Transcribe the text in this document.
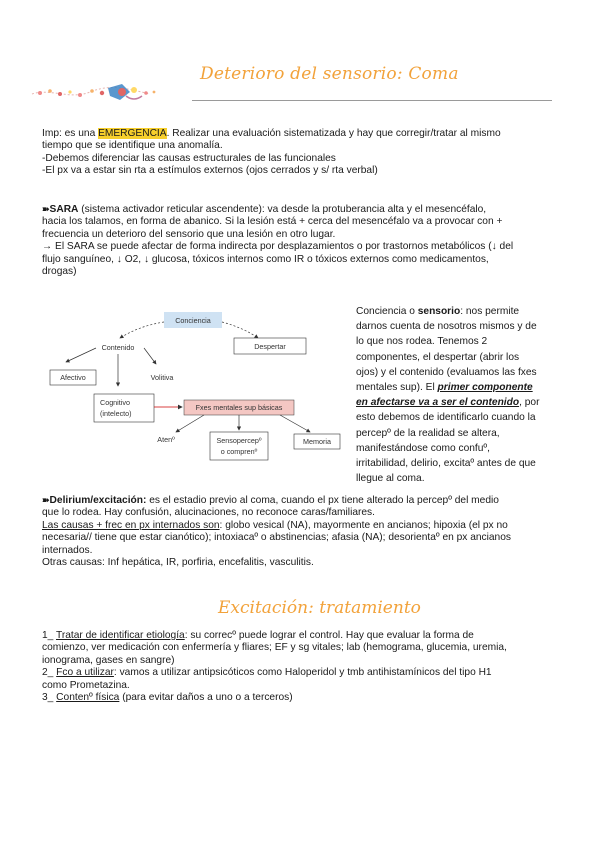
Deterioro del sensorio: Coma
Imp: es una EMERGENCIA. Realizar una evaluación sistematizada y hay que corregir/tratar al mismo
tiempo que se identifique una anomalía.
-Debemos diferenciar las causas estructurales de las funcionales
-El px va a estar sin rta a estímulos externos (ojos cerrados y s/ rta verbal)
➽SARA (sistema activador reticular ascendente): va desde la protuberancia alta y el mesencéfalo,
hacia los talamos, en forma de abanico. Si la lesión está + cerca del mesencéfalo va a provocar con +
frecuencia un deterioro del sensorio que una lesión en otro lugar.
→ El SARA se puede afectar de forma indirecta por desplazamientos o por trastornos metabólicos (↓ del
flujo sanguíneo, ↓ O2, ↓ glucosa, tóxicos internos como IR o tóxicos externos como medicamentos,
drogas)
Conciencia
Contenido	Despertar
Afectivo	Volitiva
Cognitivo
(intelecto)
Fxes mentales sup básicas
Atenº	Sensopercepº
o comprenº
Memoria
Conciencia o sensorio: nos permite
darnos cuenta de nosotros mismos y de
lo que nos rodea. Tenemos 2
componentes, el despertar (abrir los
ojos) y el contenido (evaluamos las fxes
mentales sup). El primer componente
en afectarse va a ser el contenido, por
esto debemos de identificarlo cuando la
percepº de la realidad se altera,
manifestándose como confuº,
irritabilidad, delirio, excitaº antes de que
llegue al coma.
➽Delirium/excitación: es el estadio previo al coma, cuando el px tiene alterado la percepº del medio
que lo rodea. Hay confusión, alucinaciones, no reconoce caras/familiares.
Las causas + frec en px internados son: globo vesical (NA), mayormente en ancianos; hipoxia (el px no
necesaria// tiene que estar cianótico); intoxiacaº o abstinencias; afasia (NA); desorientaº en px ancianos
internados.
Otras causas: Inf hepática, IR, porfiria, encefalitis, vasculitis.
Excitación: tratamiento
1_ Tratar de identificar etiología: su correcº puede lograr el control. Hay que evaluar la forma de
comienzo, ver medicación con enfermería y fliares; EF y sg vitales; lab (hemograma, glucemia, uremia,
ionograma, gases en sangre)
2_ Fco a utilizar: vamos a utilizar antipsicóticos como Haloperidol y tmb antihistamínicos del tipo H1
como Prometazina.
3_ Contenº física (para evitar daños a uno o a terceros)
